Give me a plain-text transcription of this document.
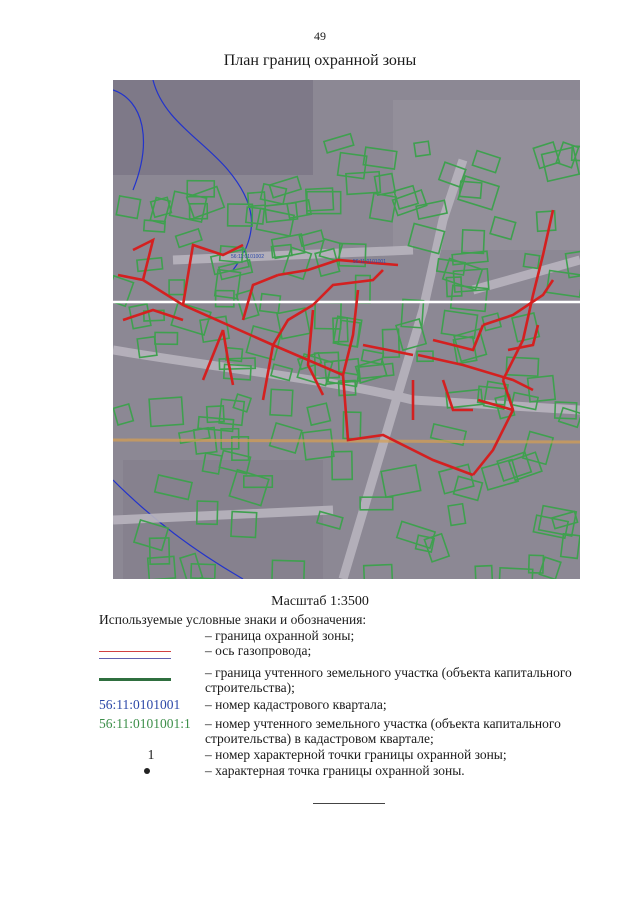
49
План границ охранной зоны
56:11:0101001
56:11:0101002
Масштаб 1:3500
Используемые условные знаки и обозначения:
– граница охранной зоны;
– ось газопровода;
– граница учтенного земельного участка (объекта капитального строительства);
56:11:0101001	– номер кадастрового квартала;
56:11:0101001:1	– номер учтенного земельного участка (объекта капитального строительства) в кадастровом квартале;
1	– номер характерной точки границы охранной зоны;
– характерная точка границы охранной зоны.
